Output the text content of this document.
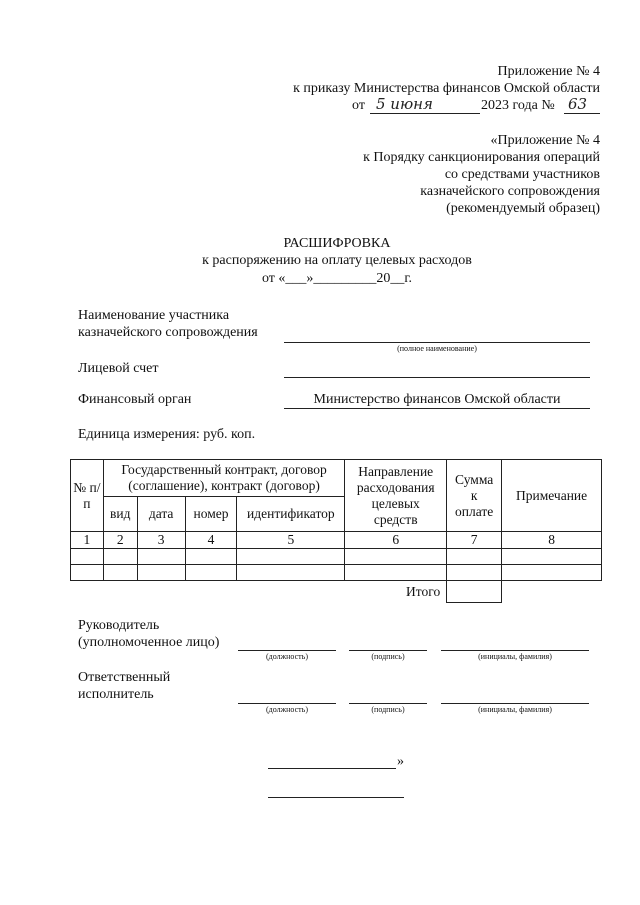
Приложение № 4
к приказу Министерства финансов Омской области
от 5 июня	2023 года № 63
«Приложение № 4
к Порядку санкционирования операций
со средствами участников
казначейского сопровождения
(рекомендуемый образец)
РАСШИФРОВКА
к распоряжению на оплату целевых расходов
от «___»_________20__г.
Наименование участника
казначейского сопровождения
(полное наименование)
Лицевой счет
Финансовый орган	Министерство финансов Омской области
Единица измерения: руб. коп.
№ п/п	Государственный контракт, договор (соглашение), контракт (договор)				Направление расходования целевых средств	Сумма к оплате	Примечание
	вид	дата	номер	идентификатор			
1	2	3	4	5	6	7	8

Итого							
Руководитель
(уполномоченное лицо)
(должность)	(подпись)	(инициалы, фамилия)
Ответственный
исполнитель
(должность)	(подпись)	(инициалы, фамилия)
»
